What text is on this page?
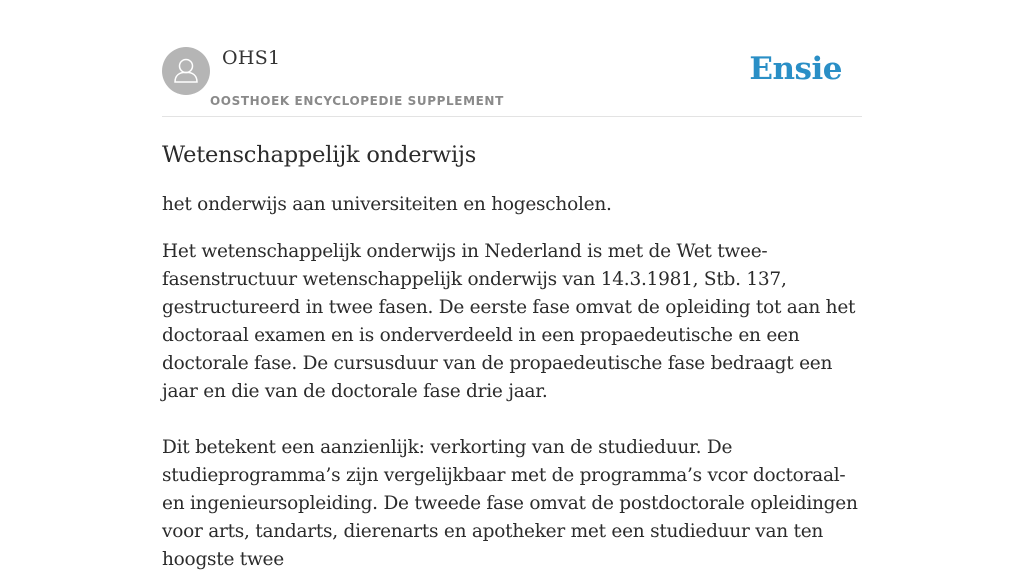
OHS1
OOSTHOEK ENCYCLOPEDIE SUPPLEMENT
Ensie
Wetenschappelijk onderwijs

het onderwijs aan universiteiten en hogescholen.

Het wetenschappelijk onderwijs in Nederland is met de Wet twee-fasenstructuur wetenschappelijk onderwijs van 14.3.1981, Stb. 137, gestructureerd in twee fasen. De eerste fase omvat de opleiding tot aan het doctoraal examen en is onderverdeeld in een propaedeutische en een doctorale fase. De cursusduur van de propaedeutische fase bedraagt een jaar en die van de doctorale fase drie jaar.

Dit betekent een aanzienlijk: verkorting van de studieduur. De studieprogramma’s zijn vergelijkbaar met de programma’s vcor doctoraal- en ingenieursopleiding. De tweede fase omvat de postdoctorale opleidingen voor arts, tandarts, dierenarts en apotheker met een studieduur van ten hoogste twee
